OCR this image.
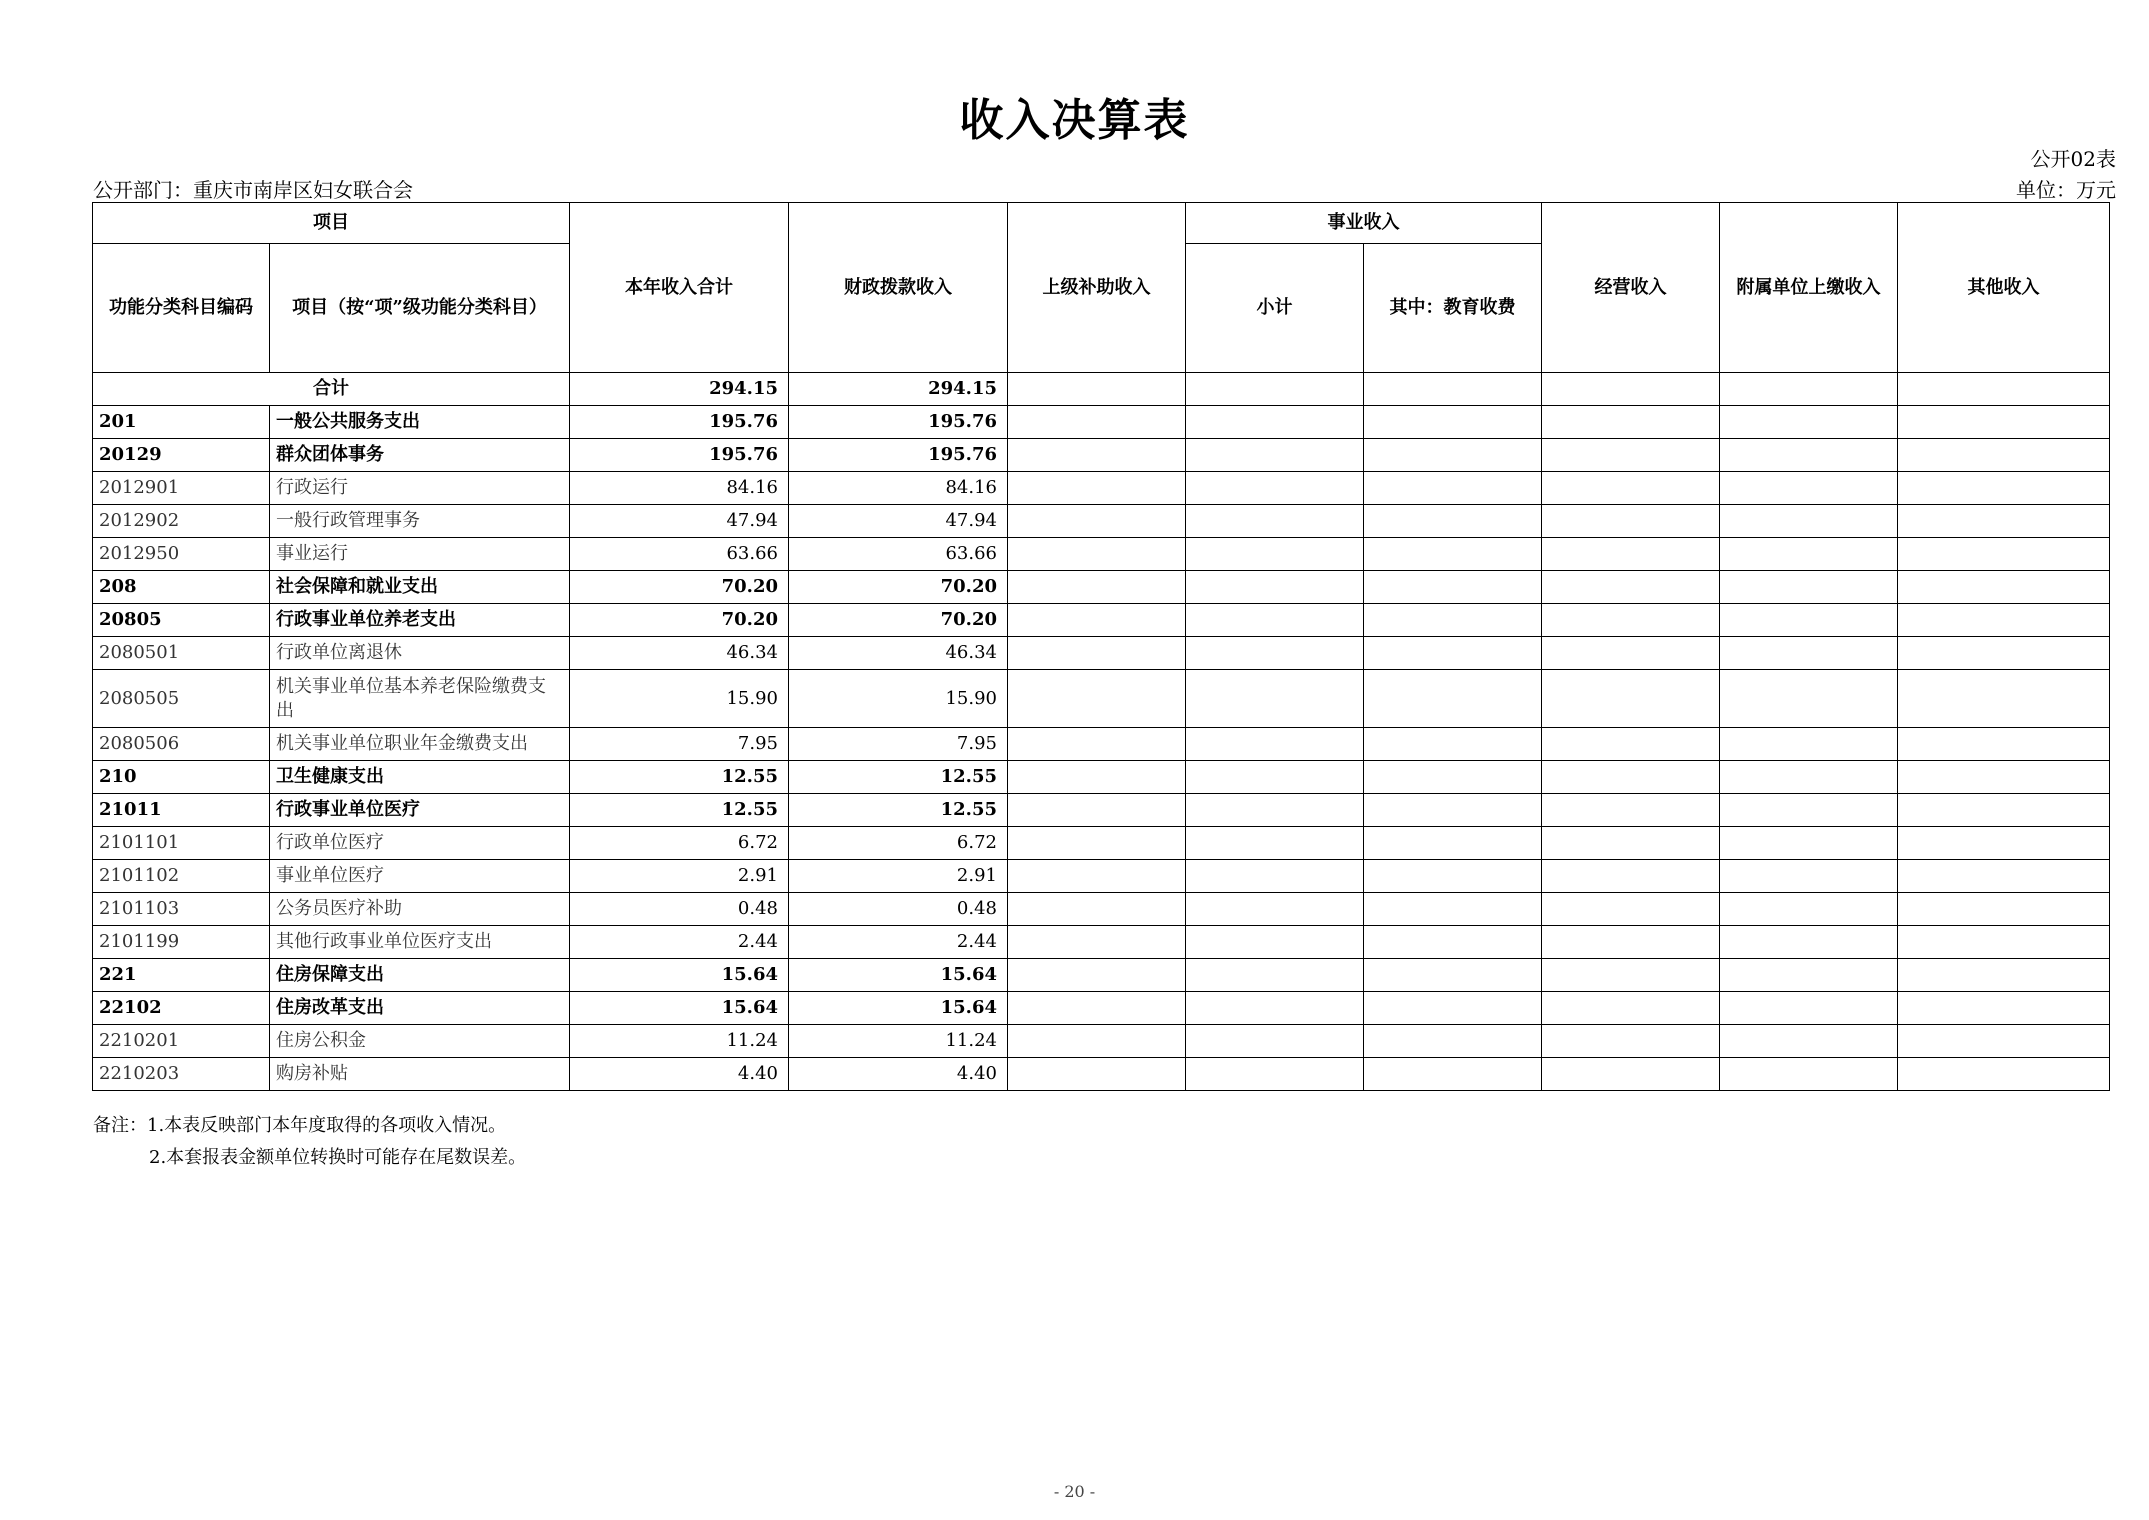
收入决算表
公开02表
公开部门：重庆市南岸区妇女联合会	单位：万元
项目		本年收入合计	财政拨款收入	上级补助收入	事业收入		经营收入	附属单位上缴收入	其他收入
功能分类科目编码	项目（按“项”级功能分类科目）				小计	其中：教育收费			
合计		294.15	294.15						
201	一般公共服务支出	195.76	195.76						
20129	群众团体事务	195.76	195.76						
2012901	行政运行	84.16	84.16						
2012902	一般行政管理事务	47.94	47.94						
2012950	事业运行	63.66	63.66						
208	社会保障和就业支出	70.20	70.20						
20805	行政事业单位养老支出	70.20	70.20						
2080501	行政单位离退休	46.34	46.34						
2080505	机关事业单位基本养老保险缴费支出	15.90	15.90						
2080506	机关事业单位职业年金缴费支出	7.95	7.95						
210	卫生健康支出	12.55	12.55						
21011	行政事业单位医疗	12.55	12.55						
2101101	行政单位医疗	6.72	6.72						
2101102	事业单位医疗	2.91	2.91						
2101103	公务员医疗补助	0.48	0.48						
2101199	其他行政事业单位医疗支出	2.44	2.44						
221	住房保障支出	15.64	15.64						
22102	住房改革支出	15.64	15.64						
2210201	住房公积金	11.24	11.24						
2210203	购房补贴	4.40	4.40						
备注：1.本表反映部门本年度取得的各项收入情况。
2.本套报表金额单位转换时可能存在尾数误差。
- 20 -
